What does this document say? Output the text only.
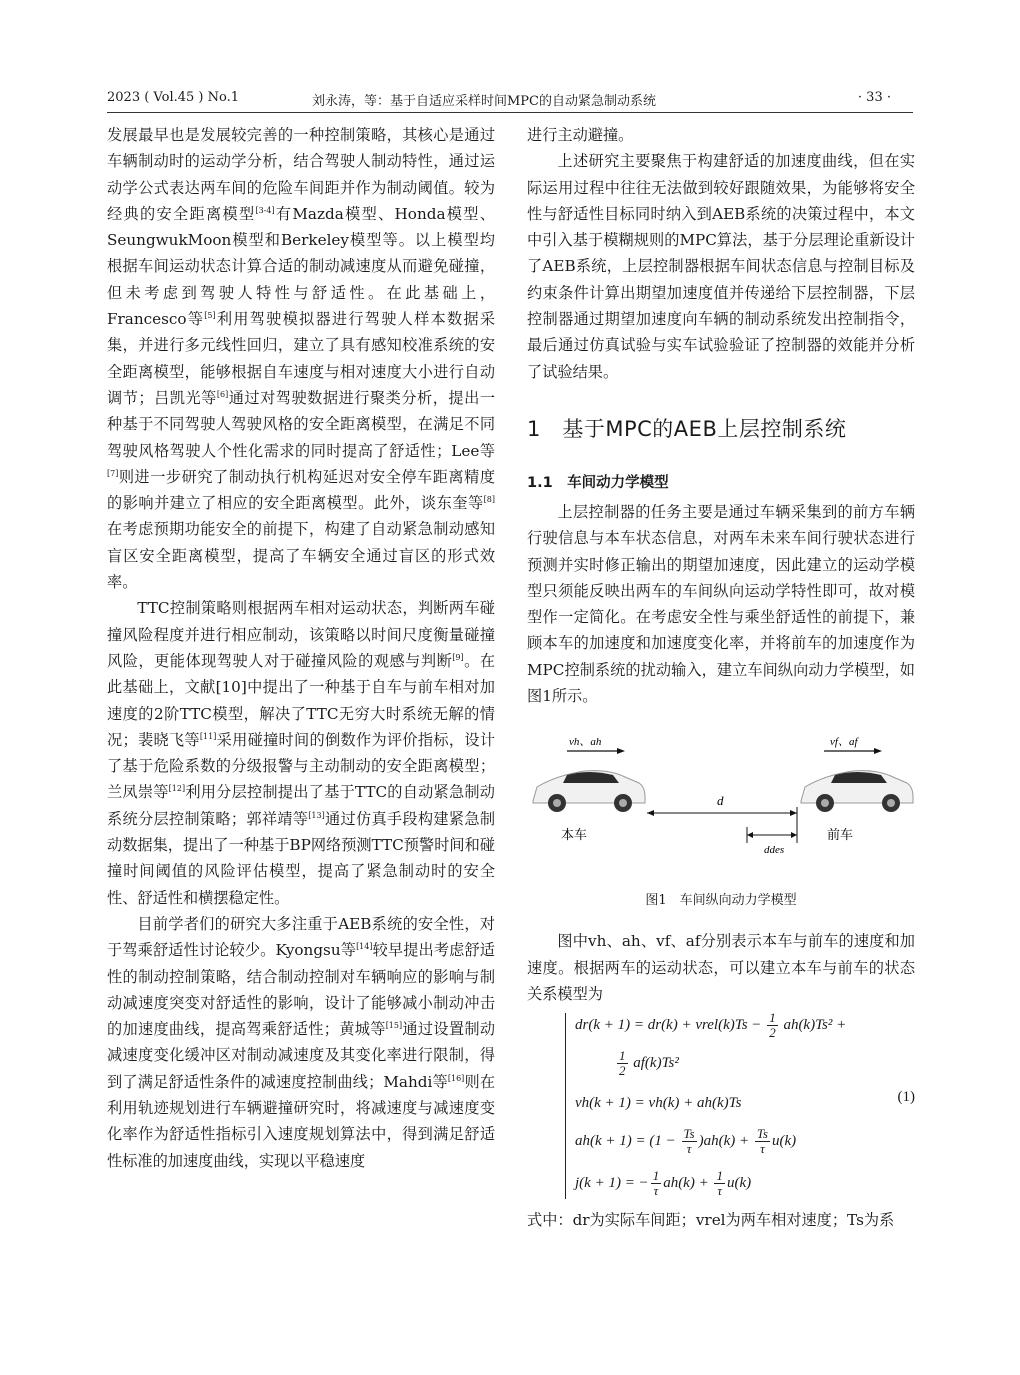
2023 ( Vol.45 ) No.1	刘永涛，等：基于自适应采样时间MPC的自动紧急制动系统	· 33 ·

发展最早也是发展较完善的一种控制策略，其核心是通过车辆制动时的运动学分析，结合驾驶人制动特性，通过运动学公式表达两车间的危险车间距并作为制动阈值。较为经典的安全距离模型[3-4]有Mazda模型、Honda模型、SeungwukMoon模型和Berkeley模型等。以上模型均根据车间运动状态计算合适的制动减速度从而避免碰撞，但未考虑到驾驶人特性与舒适性。在此基础上，Francesco等[5]利用驾驶模拟器进行驾驶人样本数据采集，并进行多元线性回归，建立了具有感知校准系统的安全距离模型，能够根据自车速度与相对速度大小进行自动调节；吕凯光等[6]通过对驾驶数据进行聚类分析，提出一种基于不同驾驶人驾驶风格的安全距离模型，在满足不同驾驶风格驾驶人个性化需求的同时提高了舒适性；Lee等[7]则进一步研究了制动执行机构延迟对安全停车距离精度的影响并建立了相应的安全距离模型。此外，谈东奎等[8]在考虑预期功能安全的前提下，构建了自动紧急制动感知盲区安全距离模型，提高了车辆安全通过盲区的形式效率。

TTC控制策略则根据两车相对运动状态，判断两车碰撞风险程度并进行相应制动，该策略以时间尺度衡量碰撞风险，更能体现驾驶人对于碰撞风险的观感与判断[9]。在此基础上，文献[10]中提出了一种基于自车与前车相对加速度的2阶TTC模型，解决了TTC无穷大时系统无解的情况；裴晓飞等[11]采用碰撞时间的倒数作为评价指标，设计了基于危险系数的分级报警与主动制动的安全距离模型；兰凤崇等[12]利用分层控制提出了基于TTC的自动紧急制动系统分层控制策略；郭祥靖等[13]通过仿真手段构建紧急制动数据集，提出了一种基于BP网络预测TTC预警时间和碰撞时间阈值的风险评估模型，提高了紧急制动时的安全性、舒适性和横摆稳定性。

目前学者们的研究大多注重于AEB系统的安全性，对于驾乘舒适性讨论较少。Kyongsu等[14]较早提出考虑舒适性的制动控制策略，结合制动控制对车辆响应的影响与制动减速度突变对舒适性的影响，设计了能够减小制动冲击的加速度曲线，提高驾乘舒适性；黄城等[15]通过设置制动减速度变化缓冲区对制动减速度及其变化率进行限制，得到了满足舒适性条件的减速度控制曲线；Mahdi等[16]则在利用轨迹规划进行车辆避撞研究时，将减速度与减速度变化率作为舒适性指标引入速度规划算法中，得到满足舒适性标准的加速度曲线，实现以平稳速度

进行主动避撞。

上述研究主要聚焦于构建舒适的加速度曲线，但在实际运用过程中往往无法做到较好跟随效果，为能够将安全性与舒适性目标同时纳入到AEB系统的决策过程中，本文中引入基于模糊规则的MPC算法，基于分层理论重新设计了AEB系统，上层控制器根据车间状态信息与控制目标及约束条件计算出期望加速度值并传递给下层控制器，下层控制器通过期望加速度向车辆的制动系统发出控制指令，最后通过仿真试验与实车试验验证了控制器的效能并分析了试验结果。

1　基于MPC的AEB上层控制系统
1.1　车间动力学模型

上层控制器的任务主要是通过车辆采集到的前方车辆行驶信息与本车状态信息，对两车未来车间行驶状态进行预测并实时修正输出的期望加速度，因此建立的运动学模型只须能反映出两车的车间纵向运动学特性即可，故对模型作一定简化。在考虑安全性与乘坐舒适性的前提下，兼顾本车的加速度和加速度变化率，并将前车的加速度作为MPC控制系统的扰动输入，建立车间纵向动力学模型，如图1所示。

vh、ah	vf、af
d
ddes
本车	前车
图1　车间纵向动力学模型

图中vh、ah、vf、af分别表示本车与前车的速度和加速度。根据两车的运动状态，可以建立本车与前车的状态关系模型为

dr(k + 1) = dr(k) + vrel(k)Ts − $\frac{1}{2} ah(k)Ts^2$ +
$\frac{1}{2} af(k)Ts^2$
vh(k + 1) = vh(k) + ah(k)Ts
$ah(k + 1) = (1 - \frac{Ts}{\tau} )ah(k) + \frac{Ts}{\tau} u(k)$
j(k + 1) = − $\frac{1}{\tau} ah(k) + \frac{1}{\tau} u(k)$
(1)

式中：dr为实际车间距；vrel为两车相对速度；Ts为系
